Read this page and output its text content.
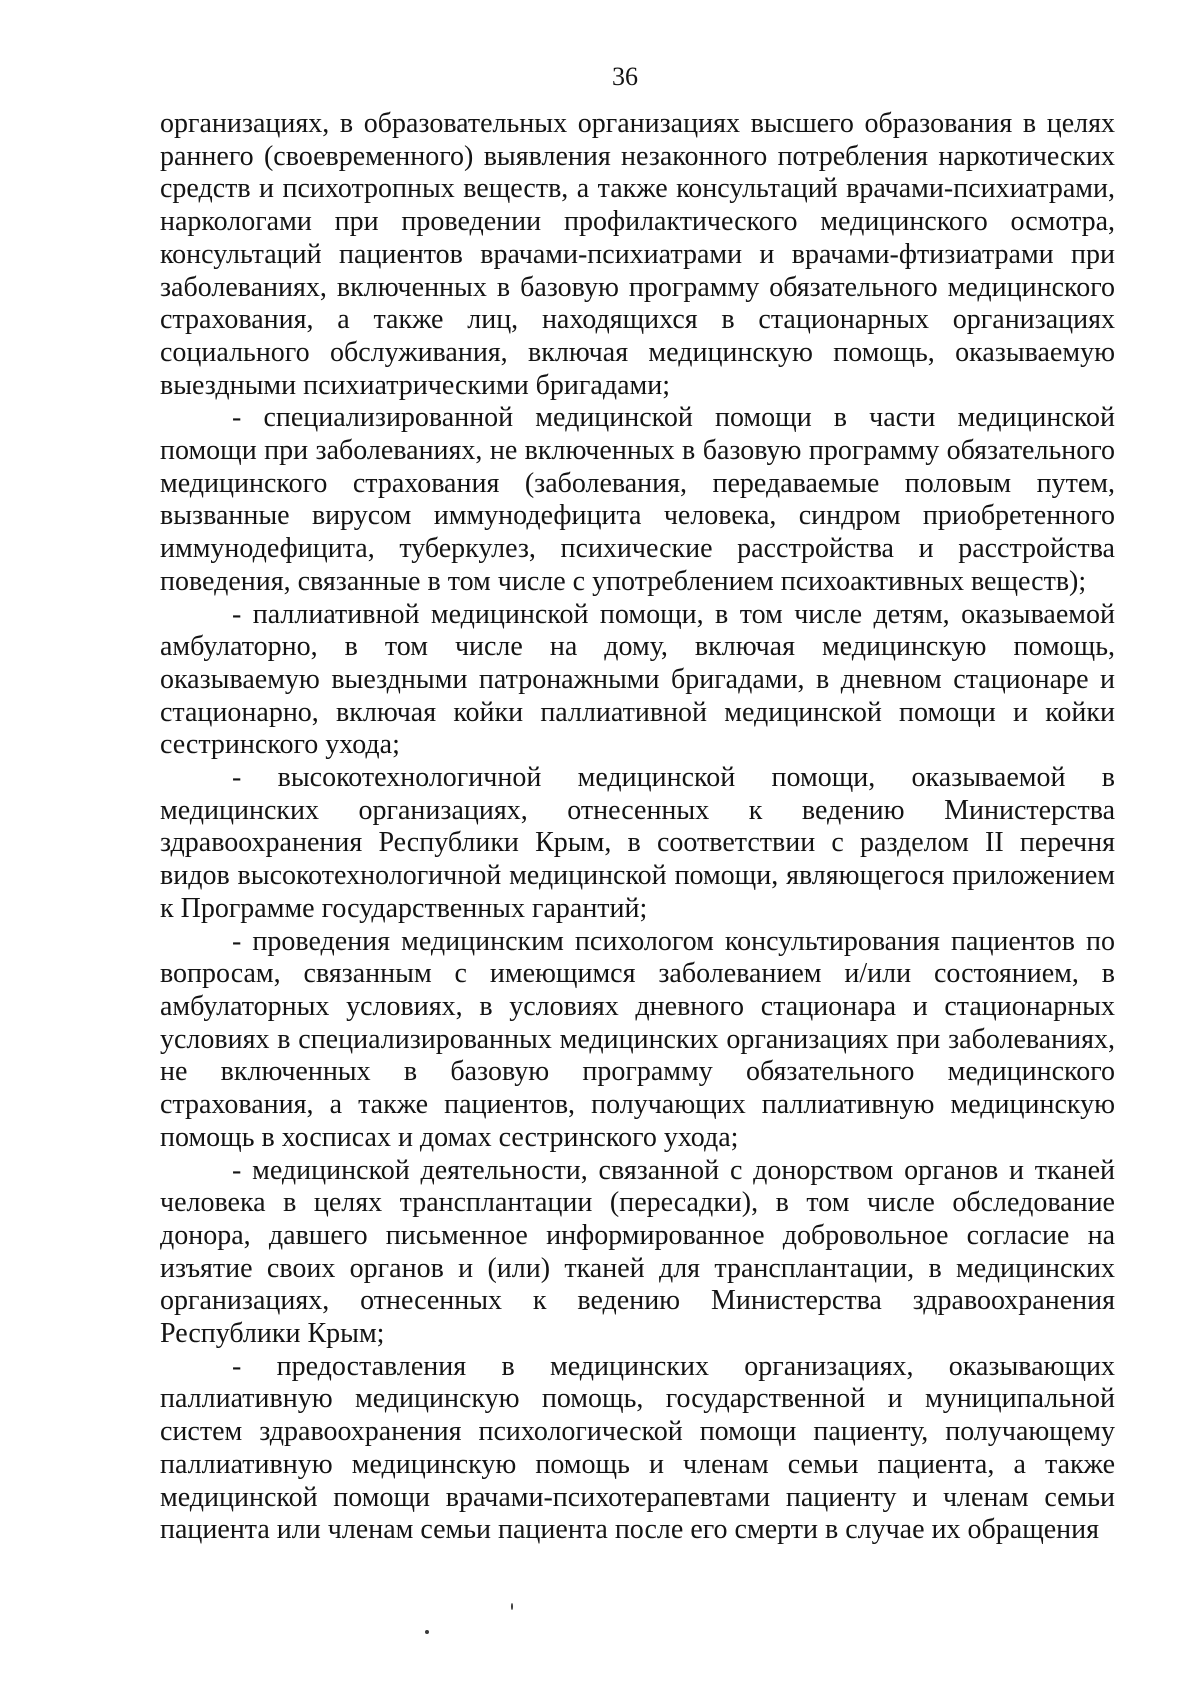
36

организациях, в образовательных организациях высшего образования в целях раннего (своевременного) выявления незаконного потребления наркотических средств и психотропных веществ, а также консультаций врачами-психиатрами, наркологами при проведении профилактического медицинского осмотра, консультаций пациентов врачами-психиатрами и врачами-фтизиатрами при заболеваниях, включенных в базовую программу обязательного медицинского страхования, а также лиц, находящихся в стационарных организациях социального обслуживания, включая медицинскую помощь, оказываемую выездными психиатрическими бригадами;

- специализированной медицинской помощи в части медицинской помощи при заболеваниях, не включенных в базовую программу обязательного медицинского страхования (заболевания, передаваемые половым путем, вызванные вирусом иммунодефицита человека, синдром приобретенного иммунодефицита, туберкулез, психические расстройства и расстройства поведения, связанные в том числе с употреблением психоактивных веществ);

- паллиативной медицинской помощи, в том числе детям, оказываемой амбулаторно, в том числе на дому, включая медицинскую помощь, оказываемую выездными патронажными бригадами, в дневном стационаре и стационарно, включая койки паллиативной медицинской помощи и койки сестринского ухода;

- высокотехнологичной медицинской помощи, оказываемой в медицинских организациях, отнесенных к ведению Министерства здравоохранения Республики Крым, в соответствии с разделом II перечня видов высокотехнологичной медицинской помощи, являющегося приложением к Программе государственных гарантий;

- проведения медицинским психологом консультирования пациентов по вопросам, связанным с имеющимся заболеванием и/или состоянием, в амбулаторных условиях, в условиях дневного стационара и стационарных условиях в специализированных медицинских организациях при заболеваниях, не включенных в базовую программу обязательного медицинского страхования, а также пациентов, получающих паллиативную медицинскую помощь в хосписах и домах сестринского ухода;

- медицинской деятельности, связанной с донорством органов и тканей человека в целях трансплантации (пересадки), в том числе обследование донора, давшего письменное информированное добровольное согласие на изъятие своих органов и (или) тканей для трансплантации, в медицинских организациях, отнесенных к ведению Министерства здравоохранения Республики Крым;

- предоставления в медицинских организациях, оказывающих паллиативную медицинскую помощь, государственной и муниципальной систем здравоохранения психологической помощи пациенту, получающему паллиативную медицинскую помощь и членам семьи пациента, а также медицинской помощи врачами-психотерапевтами пациенту и членам семьи пациента или членам семьи пациента после его смерти в случае их обращения
